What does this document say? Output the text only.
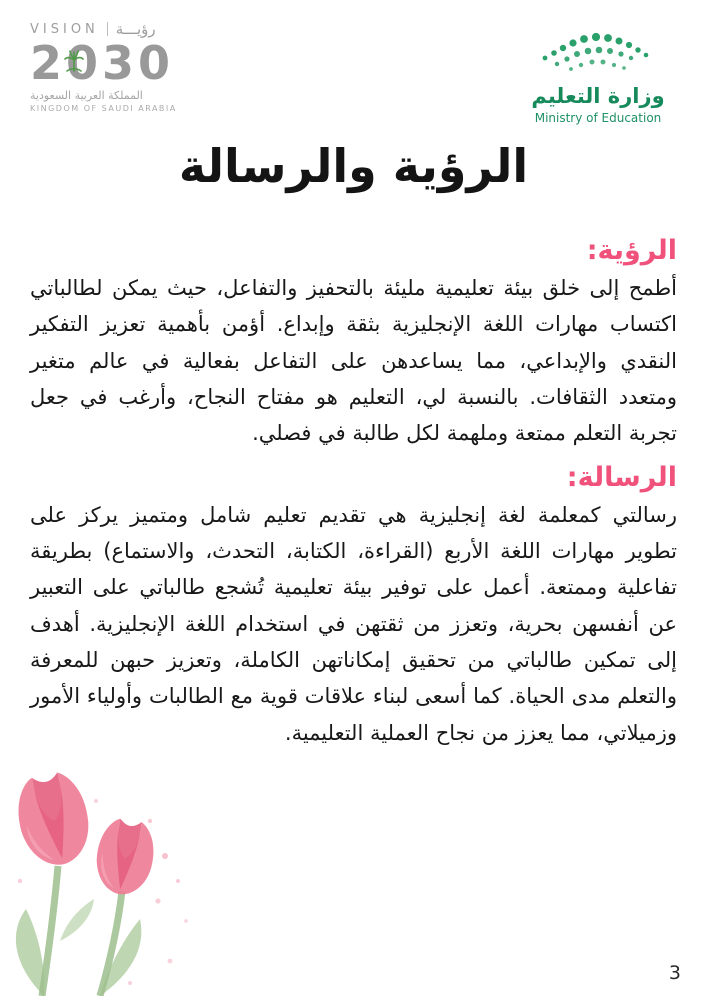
VISION رؤيـــة
2030
المملكة العربية السعودية
KINGDOM OF SAUDI ARABIA
وزارة التعليم
Ministry of Education
الرؤية والرسالة
الرؤية:
أطمح إلى خلق بيئة تعليمية مليئة بالتحفيز والتفاعل، حيث يمكن لطالباتي اكتساب مهارات اللغة الإنجليزية بثقة وإبداع. أؤمن بأهمية تعزيز التفكير النقدي والإبداعي، مما يساعدهن على التفاعل بفعالية في عالم متغير ومتعدد الثقافات. بالنسبة لي، التعليم هو مفتاح النجاح، وأرغب في جعل تجربة التعلم ممتعة وملهمة لكل طالبة في فصلي.
الرسالة:
رسالتي كمعلمة لغة إنجليزية هي تقديم تعليم شامل ومتميز يركز على تطوير مهارات اللغة الأربع (القراءة، الكتابة، التحدث، والاستماع) بطريقة تفاعلية وممتعة. أعمل على توفير بيئة تعليمية تُشجع طالباتي على التعبير عن أنفسهن بحرية، وتعزز من ثقتهن في استخدام اللغة الإنجليزية. أهدف إلى تمكين طالباتي من تحقيق إمكاناتهن الكاملة، وتعزيز حبهن للمعرفة والتعلم مدى الحياة. كما أسعى لبناء علاقات قوية مع الطالبات وأولياء الأمور وزميلاتي، مما يعزز من نجاح العملية التعليمية.
3
